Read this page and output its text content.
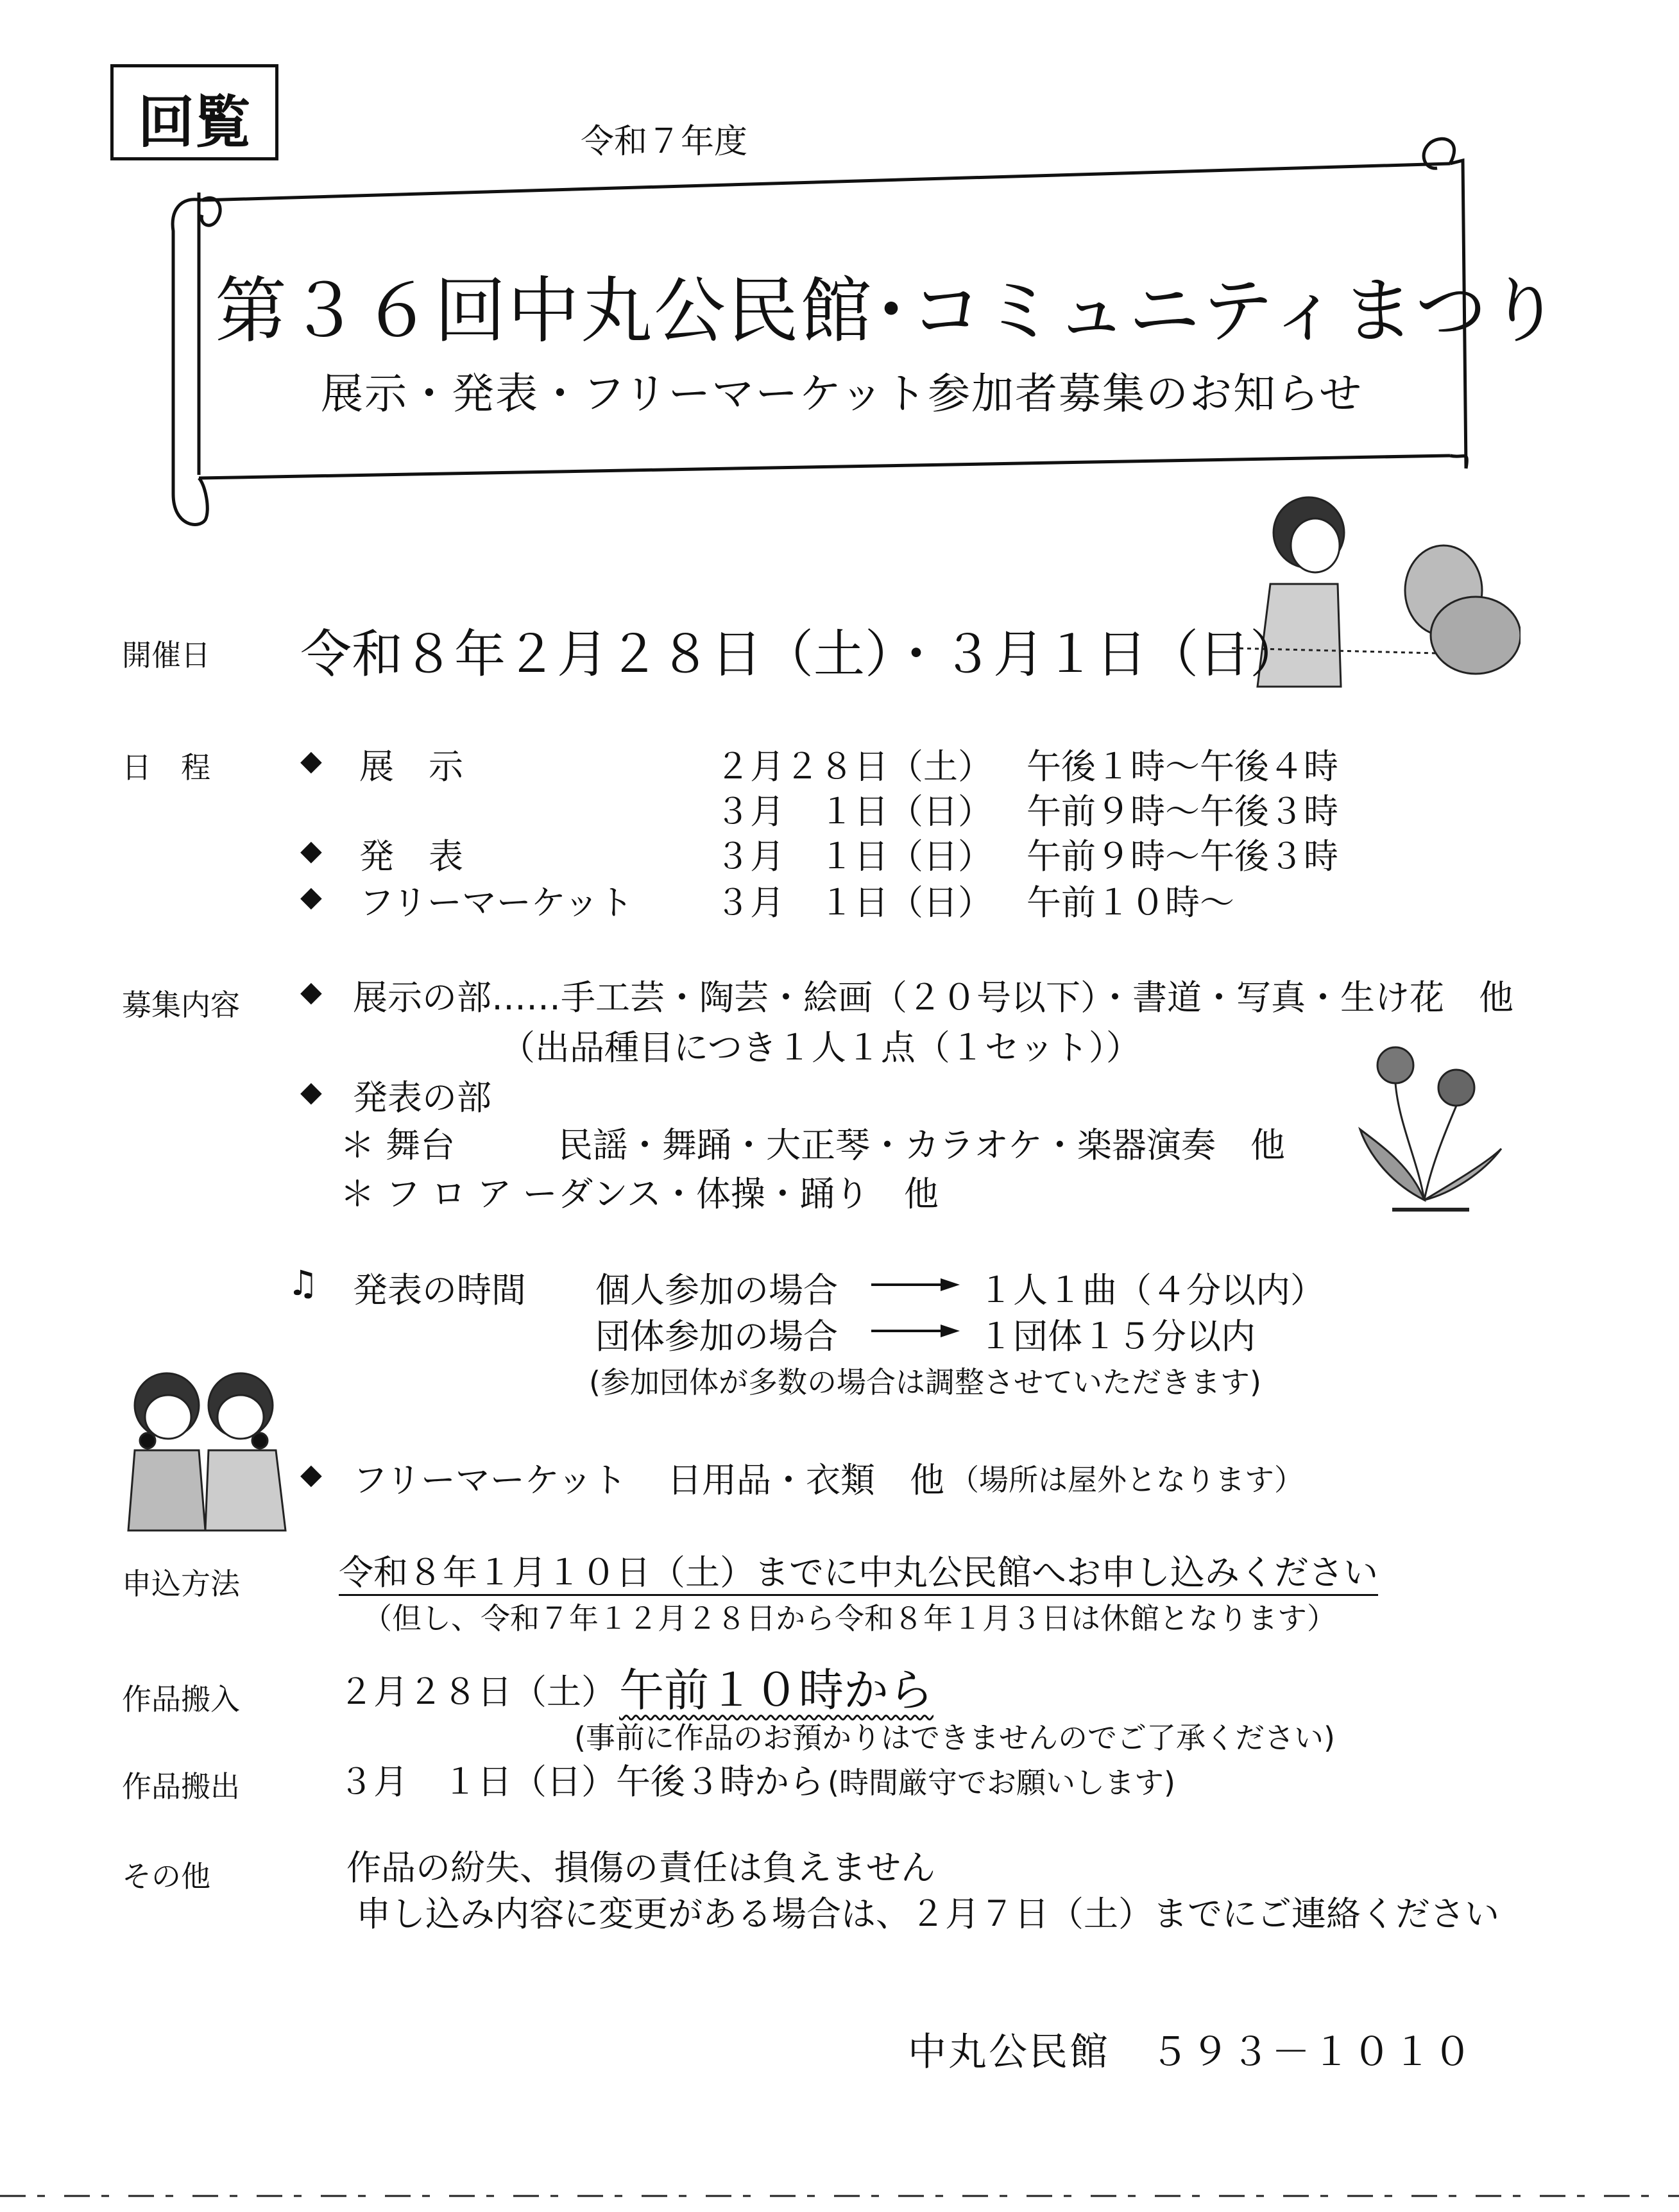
回覧	令和７年度
第３６回中丸公民館･コミュニティまつり
展示・発表・フリーマーケット参加者募集のお知らせ
開催日 令和８年２月２８日（土）・３月１日（日）
日　程	◆ 展　示	２月２８日（土） 午後１時～午後４時
３月　１日（日） 午前９時～午後３時
◆ 発　表	３月　１日（日） 午前９時～午後３時
◆ フリーマーケット ３月　１日（日） 午前１０時～
募集内容 ◆ 展示の部……手工芸・陶芸・絵画（２０号以下）・書道・写真・生け花　他
（出品種目につき１人１点（１セット））
◆ 発表の部
＊ 舞台	民謡・舞踊・大正琴・カラオケ・楽器演奏　他
＊ フ ロ ア ー ダンス・体操・踊り　他
♫ 発表の時間 個人参加の場合	１人１曲（４分以内）
団体参加の場合	１団体１５分以内
(参加団体が多数の場合は調整させていただきます)
◆ フリーマーケット 日用品・衣類　他 （場所は屋外となります）
申込方法	令和８年１月１０日（土）までに中丸公民館へお申し込みください
（但し、令和７年１２月２８日から令和８年１月３日は休館となります）
作品搬入	２月２８日（土） 午前１０時から
(事前に作品のお預かりはできませんのでご了承ください)
作品搬出	３月　１日（日）午後３時から (時間厳守でお願いします)
その他	作品の紛失、損傷の責任は負えません
申し込み内容に変更がある場合は、２月７日（土）までにご連絡ください
中丸公民館　５９３－１０１０
